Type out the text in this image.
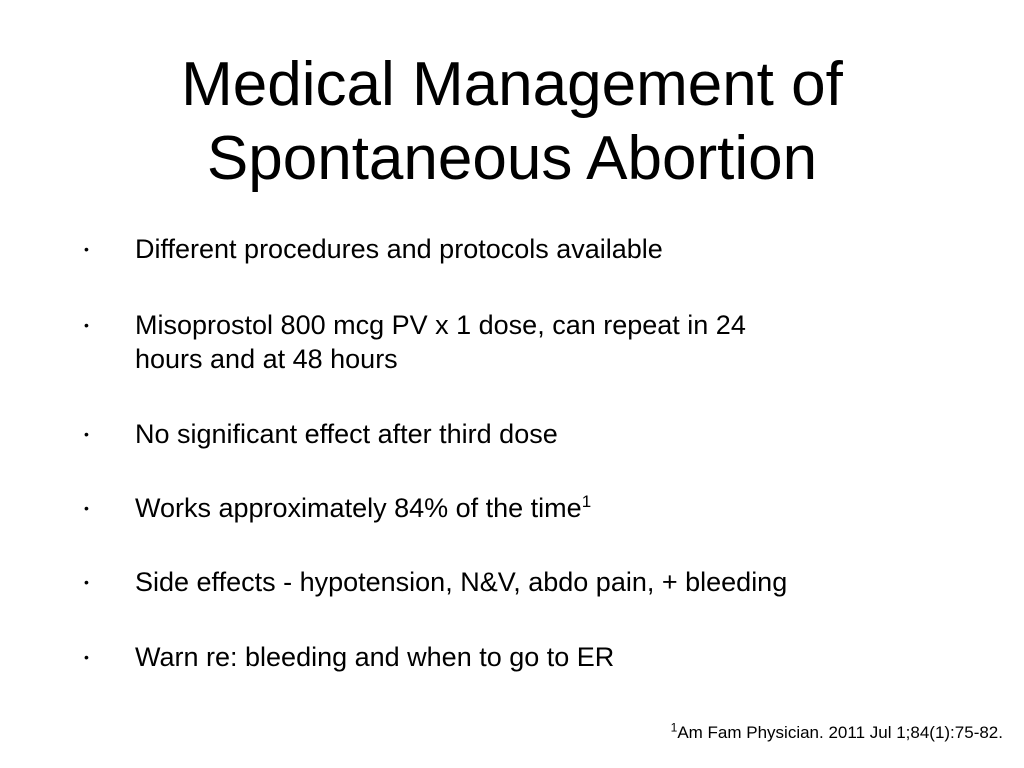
Medical Management of
Spontaneous Abortion
• Different procedures and protocols available
• Misoprostol 800 mcg PV x 1 dose, can repeat in 24
hours and at 48 hours
• No significant effect after third dose
• Works approximately 84% of the time$^1$
• Side effects - hypotension, N&V, abdo pain, + bleeding
• Warn re: bleeding and when to go to ER
$^1$Am Fam Physician. 2011 Jul 1;84(1):75-82.
